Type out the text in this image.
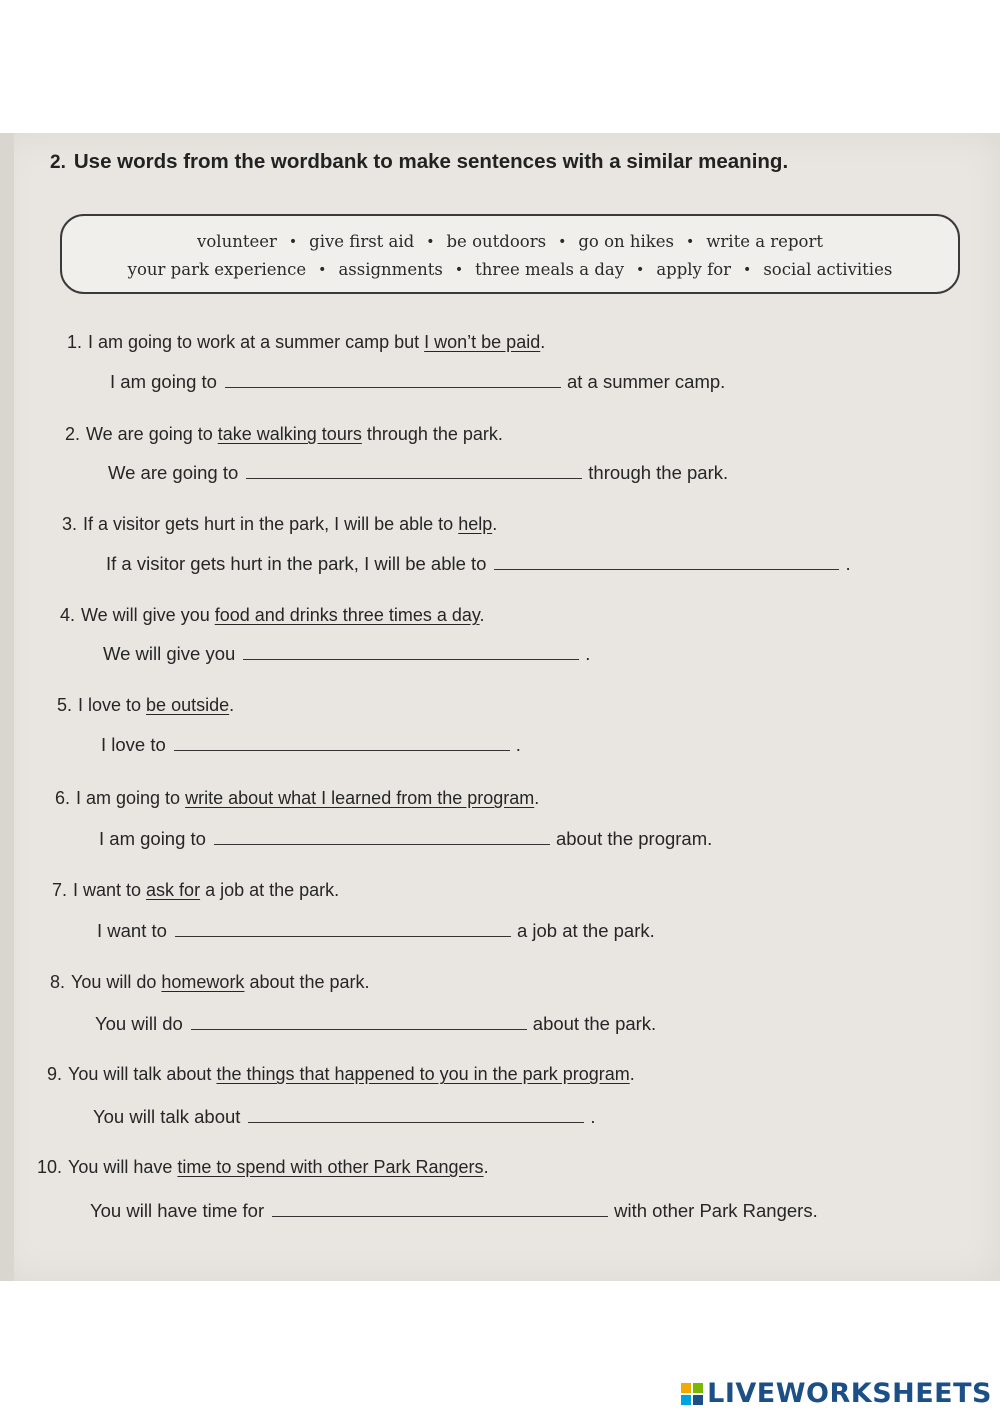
2. Use words from the wordbank to make sentences with a similar meaning.
volunteer • give first aid • be outdoors • go on hikes • write a report
your park experience • assignments • three meals a day • apply for • social activities
1. I am going to work at a summer camp but I won’t be paid.
I am going to	at a summer camp.
2. We are going to take walking tours through the park.
We are going to	through the park.
3. If a visitor gets hurt in the park, I will be able to help.
If a visitor gets hurt in the park, I will be able to	.
4. We will give you food and drinks three times a day.
We will give you	.
5. I love to be outside.
I love to	.
6. I am going to write about what I learned from the program.
I am going to	about the program.
7. I want to ask for a job at the park.
I want to	a job at the park.
8. You will do homework about the park.
You will do	about the park.
9. You will talk about the things that happened to you in the park program.
You will talk about	.
10. You will have time to spend with other Park Rangers.
You will have time for	with other Park Rangers.
LIVEWORKSHEETS
